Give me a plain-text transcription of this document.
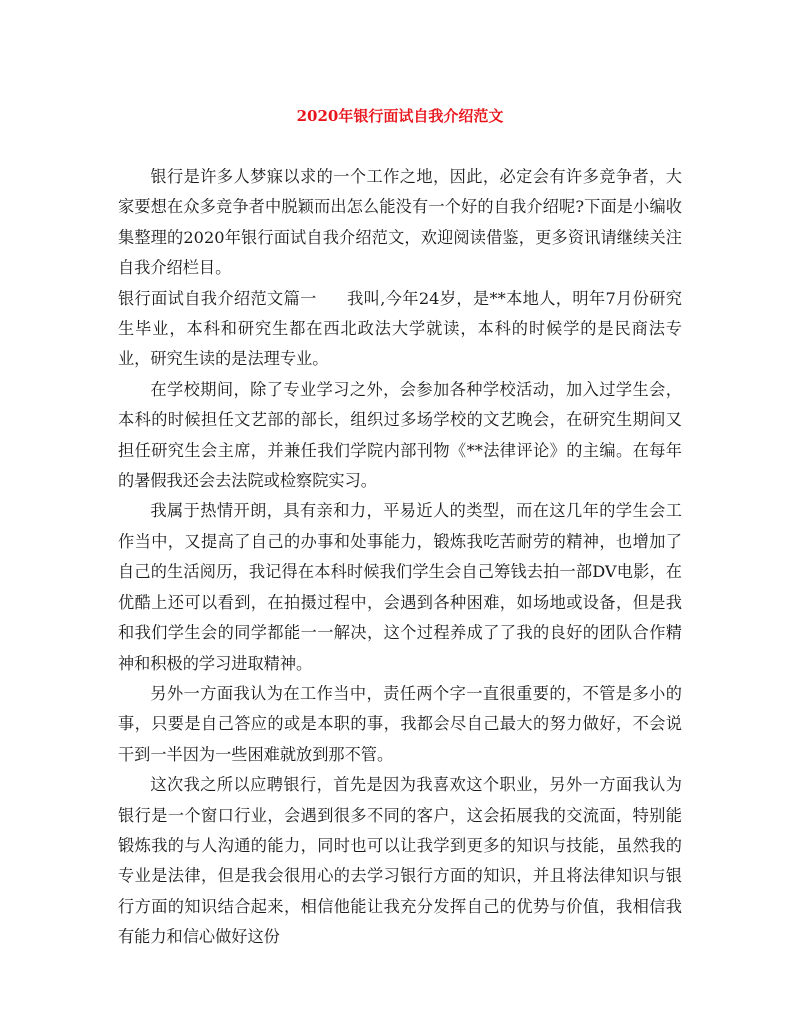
2020年银行面试自我介绍范文

银行是许多人梦寐以求的一个工作之地，因此，必定会有许多竞争者，大家要想在众多竞争者中脱颖而出怎么能没有一个好的自我介绍呢?下面是小编收集整理的2020年银行面试自我介绍范文，欢迎阅读借鉴，更多资讯请继续关注自我介绍栏目。

银行面试自我介绍范文篇一 我叫,今年24岁，是**本地人，明年7月份研究生毕业，本科和研究生都在西北政法大学就读，本科的时候学的是民商法专业，研究生读的是法理专业。

在学校期间，除了专业学习之外，会参加各种学校活动，加入过学生会，本科的时候担任文艺部的部长，组织过多场学校的文艺晚会，在研究生期间又担任研究生会主席，并兼任我们学院内部刊物《**法律评论》的主编。在每年的暑假我还会去法院或检察院实习。

我属于热情开朗，具有亲和力，平易近人的类型，而在这几年的学生会工作当中，又提高了自己的办事和处事能力，锻炼我吃苦耐劳的精神，也增加了自己的生活阅历，我记得在本科时候我们学生会自己筹钱去拍一部DV电影，在优酷上还可以看到，在拍摄过程中，会遇到各种困难，如场地或设备，但是我和我们学生会的同学都能一一解决，这个过程养成了了我的良好的团队合作精神和积极的学习进取精神。

另外一方面我认为在工作当中，责任两个字一直很重要的，不管是多小的事，只要是自己答应的或是本职的事，我都会尽自己最大的努力做好，不会说干到一半因为一些困难就放到那不管。

这次我之所以应聘银行，首先是因为我喜欢这个职业，另外一方面我认为银行是一个窗口行业，会遇到很多不同的客户，这会拓展我的交流面，特别能锻炼我的与人沟通的能力，同时也可以让我学到更多的知识与技能，虽然我的专业是法律，但是我会很用心的去学习银行方面的知识，并且将法律知识与银行方面的知识结合起来，相信他能让我充分发挥自己的优势与价值，我相信我有能力和信心做好这份
